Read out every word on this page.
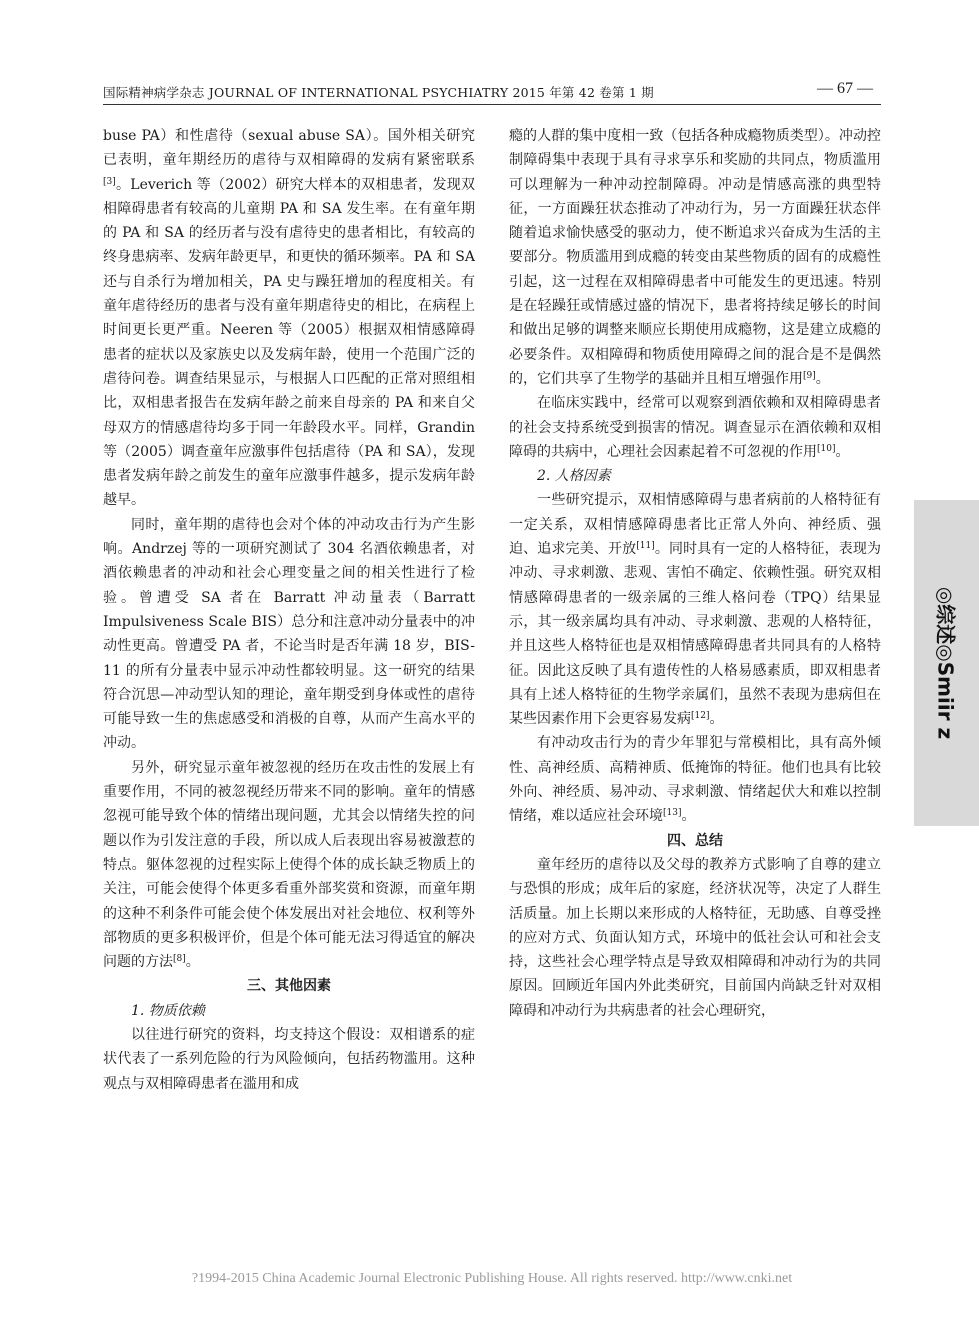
国际精神病学杂志 JOURNAL OF INTERNATIONAL PSYCHIATRY 2015 年第 42 卷第 1 期	— 67 —

buse PA）和性虐待（sexual abuse SA）。国外相关研究已表明，童年期经历的虐待与双相障碍的发病有紧密联系[3]。Leverich 等（2002）研究大样本的双相患者，发现双相障碍患者有较高的儿童期 PA 和 SA 发生率。在有童年期的 PA 和 SA 的经历者与没有虐待史的患者相比，有较高的终身患病率、发病年龄更早，和更快的循环频率。PA 和 SA 还与自杀行为增加相关，PA 史与躁狂增加的程度相关。有童年虐待经历的患者与没有童年期虐待史的相比，在病程上时间更长更严重。Neeren 等（2005）根据双相情感障碍患者的症状以及家族史以及发病年龄，使用一个范围广泛的虐待问卷。调查结果显示，与根据人口匹配的正常对照组相比，双相患者报告在发病年龄之前来自母亲的 PA 和来自父母双方的情感虐待均多于同一年龄段水平。同样，Grandin 等（2005）调查童年应激事件包括虐待（PA 和 SA），发现患者发病年龄之前发生的童年应激事件越多，提示发病年龄越早。

同时，童年期的虐待也会对个体的冲动攻击行为产生影响。Andrzej 等的一项研究测试了 304 名酒依赖患者，对酒依赖患者的冲动和社会心理变量之间的相关性进行了检验。曾遭受 SA 者在 Barratt 冲动量表（Barratt Impulsiveness Scale BIS）总分和注意冲动分量表中的冲动性更高。曾遭受 PA 者，不论当时是否年满 18 岁，BIS-11 的所有分量表中显示冲动性都较明显。这一研究的结果符合沉思—冲动型认知的理论，童年期受到身体或性的虐待可能导致一生的焦虑感受和消极的自尊，从而产生高水平的冲动。

另外，研究显示童年被忽视的经历在攻击性的发展上有重要作用，不同的被忽视经历带来不同的影响。童年的情感忽视可能导致个体的情绪出现问题，尤其会以情绪失控的问题以作为引发注意的手段，所以成人后表现出容易被激惹的特点。躯体忽视的过程实际上使得个体的成长缺乏物质上的关注，可能会使得个体更多看重外部奖赏和资源，而童年期的这种不利条件可能会使个体发展出对社会地位、权利等外部物质的更多积极评价，但是个体可能无法习得适宜的解决问题的方法[8]。

三、其他因素

1. 物质依赖

以往进行研究的资料，均支持这个假设：双相谱系的症状代表了一系列危险的行为风险倾向，包括药物滥用。这种观点与双相障碍患者在滥用和成

瘾的人群的集中度相一致（包括各种成瘾物质类型）。冲动控制障碍集中表现于具有寻求享乐和奖励的共同点，物质滥用可以理解为一种冲动控制障碍。冲动是情感高涨的典型特征，一方面躁狂状态推动了冲动行为，另一方面躁狂状态伴随着追求愉快感受的驱动力，使不断追求兴奋成为生活的主要部分。物质滥用到成瘾的转变由某些物质的固有的成瘾性引起，这一过程在双相障碍患者中可能发生的更迅速。特别是在轻躁狂或情感过盛的情况下，患者将持续足够长的时间和做出足够的调整来顺应长期使用成瘾物，这是建立成瘾的必要条件。双相障碍和物质使用障碍之间的混合是不是偶然的，它们共享了生物学的基础并且相互增强作用[9]。

在临床实践中，经常可以观察到酒依赖和双相障碍患者的社会支持系统受到损害的情况。调查显示在酒依赖和双相障碍的共病中，心理社会因素起着不可忽视的作用[10]。

2. 人格因素

一些研究提示，双相情感障碍与患者病前的人格特征有一定关系，双相情感障碍患者比正常人外向、神经质、强迫、追求完美、开放[11]。同时具有一定的人格特征，表现为冲动、寻求刺激、悲观、害怕不确定、依赖性强。研究双相情感障碍患者的一级亲属的三维人格问卷（TPQ）结果显示，其一级亲属均具有冲动、寻求刺激、悲观的人格特征，并且这些人格特征也是双相情感障碍患者共同具有的人格特征。因此这反映了具有遗传性的人格易感素质，即双相患者具有上述人格特征的生物学亲属们，虽然不表现为患病但在某些因素作用下会更容易发病[12]。

有冲动攻击行为的青少年罪犯与常模相比，具有高外倾性、高神经质、高精神质、低掩饰的特征。他们也具有比较外向、神经质、易冲动、寻求刺激、情绪起伏大和难以控制情绪，难以适应社会环境[13]。

四、总结

童年经历的虐待以及父母的教养方式影响了自尊的建立与恐惧的形成；成年后的家庭，经济状况等，决定了人群生活质量。加上长期以来形成的人格特征，无助感、自尊受挫的应对方式、负面认知方式，环境中的低社会认可和社会支持，这些社会心理学特点是导致双相障碍和冲动行为的共同原因。回顾近年国内外此类研究，目前国内尚缺乏针对双相障碍和冲动行为共病患者的社会心理研究，

◎综述◎Smiir z
?1994-2015 China Academic Journal Electronic Publishing House. All rights reserved. http://www.cnki.net
